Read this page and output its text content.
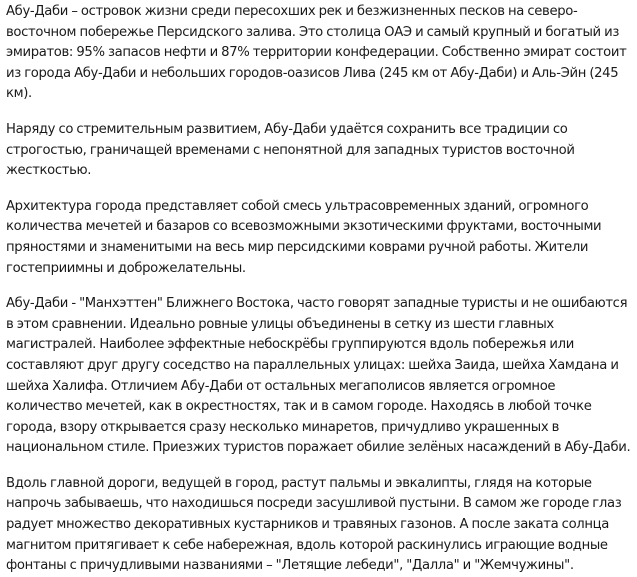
Абу-Даби – островок жизни среди пересохших рек и безжизненных песков на северо-восточном побережье Персидского залива. Это столица ОАЭ и самый крупный и богатый из эмиратов: 95% запасов нефти и 87% территории конфедерации. Собственно эмират состоит из города Абу-Даби и небольших городов-оазисов Лива (245 км от Абу-Даби) и Аль-Эйн (245 км).

Наряду со стремительным развитием, Абу-Даби удаётся сохранить все традиции со строгостью, граничащей временами с непонятной для западных туристов восточной жесткостью.

Архитектура города представляет собой смесь ультрасовременных зданий, огромного количества мечетей и базаров со всевозможными экзотическими фруктами, восточными пряностями и знаменитыми на весь мир персидскими коврами ручной работы. Жители гостеприимны и доброжелательны.

Абу-Даби - "Манхэттен" Ближнего Востока, часто говорят западные туристы и не ошибаются в этом сравнении. Идеально ровные улицы объединены в сетку из шести главных магистралей. Наиболее эффектные небоскрёбы группируются вдоль побережья или составляют друг другу соседство на параллельных улицах: шейха Заида, шейха Хамдана и шейха Халифа. Отличием Абу-Даби от остальных мегаполисов является огромное количество мечетей, как в окрестностях, так и в самом городе. Находясь в любой точке города, взору открывается сразу несколько минаретов, причудливо украшенных в национальном стиле. Приезжих туристов поражает обилие зелёных насаждений в Абу-Даби.

Вдоль главной дороги, ведущей в город, растут пальмы и эвкалипты, глядя на которые напрочь забываешь, что находишься посреди засушливой пустыни. В самом же городе глаз радует множество декоративных кустарников и травяных газонов. А после заката солнца магнитом притягивает к себе набережная, вдоль которой раскинулись играющие водные фонтаны с причудливыми названиями – "Летящие лебеди", "Далла" и "Жемчужины".
